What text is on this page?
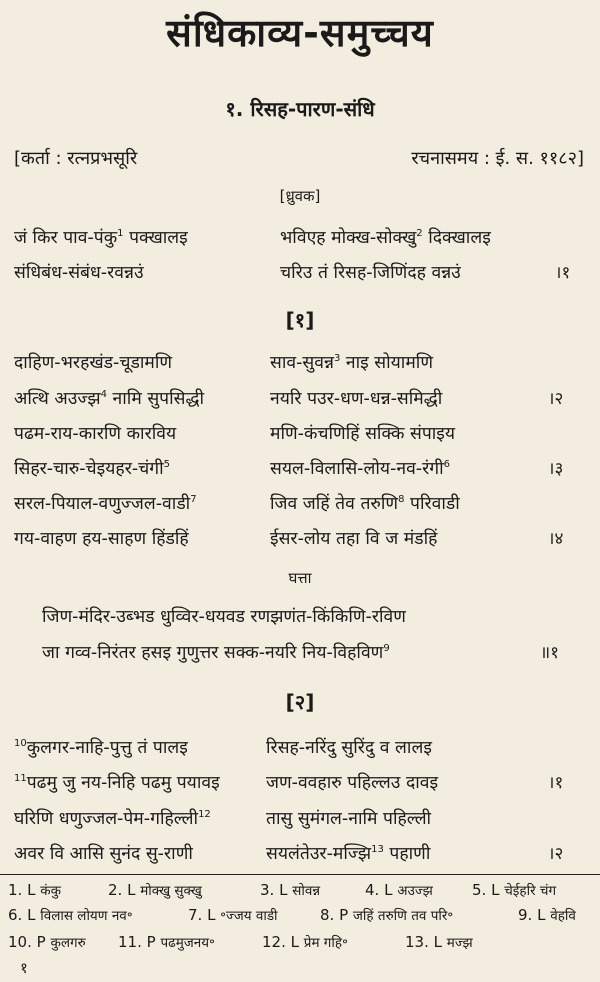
संधिकाव्य-समुच्चय
१. रिसह-पारण-संधि
[कर्ता : रत्नप्रभसूरि	रचनासमय : ई. स. ११८२]
[ध्रुवक]
जं किर पाव-पंकु$^1$ पक्खालइ	भविएह मोक्ख-सोक्खु$^2$ दिक्खालइ
संधिबंध-संबंध-रवन्नउं	चरिउ तं रिसह-जिणिंदह वन्नउं	।१
[१]
दाहिण-भरहखंड-चूडामणि	साव-सुवन्न$^3$ नाइ सोयामणि
अत्थि अउज्झ$^4$ नामि सुपसिद्धी	नयरि पउर-धण-धन्न-समिद्धी	।२
पढम-राय-कारणि कारविय	मणि-कंचणिहिं सक्कि संपाइय
सिहर-चारु-चेइयहर-चंगी$^5$	सयल-विलासि-लोय-नव-रंगी$^6$	।३
सरल-पियाल-वणुज्जल-वाडी$^7$	जिव जहिं तेव तरुणि$^8$ परिवाडी
गय-वाहण हय-साहण हिंडहिं	ईसर-लोय तहा वि ज मंडहिं	।४
घत्ता
जिण-मंदिर-उब्भड धुव्विर-धयवड रणझणंत-किंकिणि-रविण
जा गव्व-निरंतर हसइ गुणुत्तर सक्क-नयरि निय-विहविण$^9$	॥१
[२]
$^{10}$कुलगर-नाहि-पुत्तु तं पालइ	रिसह-नरिंदु सुरिंदु व लालइ
$^{11}$पढमु जु नय-निहि पढमु पयावइ	जण-ववहारु पहिल्लउ दावइ	।१
घरिणि धणुज्जल-पेम-गहिल्ली$^{12}$	तासु सुमंगल-नामि पहिल्ली
अवर वि आसि सुनंद सु-राणी	सयलंतेउर-मज्झि$^{13}$ पहाणी	।२
1. L कंकु	2. L मोक्खु सुक्खु	3. L सोवन्न	4. L अउज्झ	5. L चेईहरि चंग
6. L विलास लोयण नव॰	7. L ॰ज्जय वाडी	8. P जहिं तरुणि तव परि॰	9. L वेहवि
10. P कुलगरु 11. P पढमुजनय॰	12. L प्रेम गहि॰	13. L मज्झ
१
